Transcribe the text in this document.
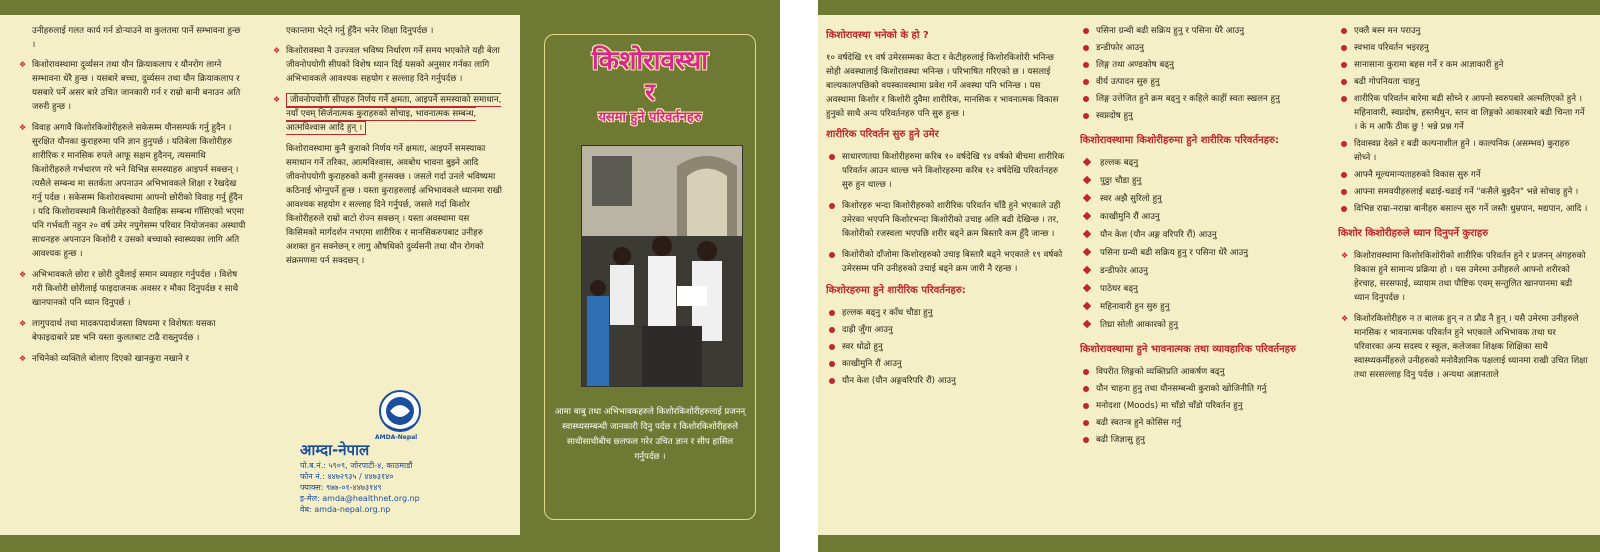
उनीहरुलाई गलत कार्य गर्न डोऱ्याउने वा कुलतमा पार्ने सम्भावना हुन्छ ।

❖ किशोरावस्थामा दुर्व्यसन तथा यौन क्रियाकलाप र यौनरोग लाग्ने सम्भावना धेरै हुन्छ । यसबारे बच्चा, दुर्व्यसन तथा यौन क्रियाकलाप र यसबारे पर्ने असर बारे उचित जानकारी गर्न र राम्रो बानी बनाउन अति जरुरी हुन्छ ।
❖ विवाह अगावै किशोरकिशोरीहरुले सकेसम्म यौनसम्पर्क गर्नु हुदैन । सुरक्षित यौनका कुराहरुमा पनि ज्ञान हुनुपर्छ । यतिबेला किशोरीहरु शारीरिक र मानसिक रुपले आफू सक्षम हुदैनन्, त्यसमाथि किशोरीहरुले गर्भधारण गरे भने विभिन्न समस्याहरु आइपर्न सक्छन् । त्यसैले सम्बन्ध मा सतर्कता अपनाउन अभिभावकले शिक्षा र रेखदेख गर्नु पर्दछ । सकेसम्म किशोरावस्थामा आफ्नो छोरीको विवाह गर्नु हुँदैन । यदि किशोरावस्थामै किशोरीहरुको वैवाहिक सम्बन्ध गाँसिएको भएमा पनि गर्भवती नहुन २० वर्ष उमेर नपुगेसम्म परिवार नियोजनका अस्थायी साधनहरु अपनाउन किशोरी र उसको बच्चाको स्वास्थ्यका लागि अति आवश्यक हुन्छ ।
❖ अभिभावकले छोरा र छोरी दुवैलाई समान व्यवहार गर्नुपर्दछ । विशेष गरी किशोरी छोरीलाई फाइदाजनक अवसर र मौका दिनुपर्दछ र साथै खानपानको पनि ध्यान दिनुपर्छ ।
❖ लागुपदार्थ तथा मादकपदार्थजस्ता विषयमा र विशेषतः यसका बेफाइदाबारे प्रष्ट भनि यस्ता कुलतबाट टाढै राख्नुपर्दछ ।
❖ नचिनेको व्यक्तिले बोलाए दिएको खानकुरा नखाने र

एकान्तमा भेट्ने गर्नु हुँदैन भनेर शिक्षा दिनुपर्दछ ।

❖ किशोरावस्था नै उज्ज्वल भविष्य निर्धारण गर्ने समय भएकोले यही बेला जीवनोपयोगी सीपको विशेष ध्यान दिई यसको अनुसार गर्नका लागि अभिभावकले आवश्यक सहयोग र सल्लाह दिने गर्नुपर्दछ ।
❖ जीवनोपयोगी सीपहरु निर्णय गर्ने क्षमता, आइपर्ने समस्याको समाधान, नयाँ एवम् सिर्जनात्मक कुराहरुको सोचाइ, भावनात्मक सम्बन्ध, आत्मविश्वास आदि हुन् ।

किशोरावस्थामा कुनै कुराको निर्णय गर्ने क्षमता, आइपर्ने समस्याका समाधान गर्ने तरिका, आत्मविश्वास, अवबोध भावना बुझ्ने आदि जीवनोपयोगी कुराहरुको कमी हुनसक्छ । जसले गर्दा उनले भविष्यमा कठिनाई भोग्नुपर्ने हुन्छ । यस्ता कुराहरुलाई अभिभावकले ध्यानमा राखी आवश्यक सहयोग र सल्लाह दिने गर्नुपर्छ, जसले गर्दा किशोर किशोरीहरुले राम्रो बाटो रोज्न सक्छन् । यस्ता अवस्थामा यस किसिमको मार्गदर्शन नभएमा शारीरिक र मानसिकरुपबाट उनीहरु अशक्त हुन सक्नेछन् र लागु औषधिको दुर्व्यसनी तथा यौन रोगको संक्रमणमा पर्न सक्दछन् ।

AMDA-Nepal
आम्दा-नेपाल
पो.ब.नं.: ५९०९, जोरपाटी-४, काठमाडौं
फोन नं.: ४४७२९३५ / ४४७३१४०
फ्याक्स: ९७७-०१-४४७३१४९
इ-मेल: amda@healthnet.org.np
वेब: amda-nepal.org.np
किशोरावस्था
र
यसमा हुने परिवर्तनहरु
आमा बाबु तथा अभिभावकहरुले किशोरकिशोरीहरुलाई प्रजनन् स्वास्थ्यसम्बन्धी जानकारी दिनु पर्दछ र किशोरकिशोरीहरुले साथीसाथीबीच छलफल गरेर उचित ज्ञान र सीप हासिल गर्नुपर्दछ ।
किशोरावस्था भनेको के हो ?

१० वर्षदेखि १९ वर्ष उमेरसम्मका केटा र केटीहरुलाई किशोरकिशोरी भनिन्छ सोही अवस्थालाई किशोरावस्था भनिन्छ । परिभाषित गरिएको छ । यसलाई बाल्यकालपछिको वयस्कावस्थामा प्रवेश गर्ने अवस्था पनि भनिन्छ । यस अवस्थामा किशोर र किशोरी दुवैमा शारीरिक, मानसिक र भावनात्मक विकास हुनुको साथै अन्य परिवर्तनहरु पनि सुरु हुन्छ ।

शारीरिक परिवर्तन सुरु हुने उमेर
साधारणतया किशोरीहरुमा करिब १० वर्षदेखि १४ वर्षको बीचमा शारीरिक परिवर्तन आउन थाल्छ भने किशोरहरुमा करिब १२ वर्षदेखि परिवर्तनहरु सुरु हुन थाल्छ ।
किशोरहरु भन्दा किशोरीहरुको शारीरिक परिवर्तन चाँडै हुने भएकाले उही उमेरका भएपनि किशोरभन्दा किशोरीको उचाइ अलि बढी देखिन्छ । तर, किशोरीको रजस्वला भएपछि शरीर बढ्ने क्रम बिस्तारै कम हुँदै जान्छ ।
किशोरीको दाँजोमा किशोरहरुको उचाइ बिस्तारै बढ्ने भएकाले १९ वर्षको उमेरसम्म पनि उनीहरुको उचाई बढ्ने क्रम जारी नै रहन्छ ।
किशोरहरुमा हुने शारीरिक परिवर्तनहरु:
हल्लक बढ्नु र काँध चौडा हुनु
दाह्री जुँगा आउनु
स्वर धोद्रो हुनु
काखीमुनि रौं आउनु
यौन केश (यौन अङ्गवरिपरि रौं) आउनु
पसिना ग्रन्थी बढी सक्रिय हुनु र पसिना धेरै आउनु
डन्डीफोर आउनु
लिङ्ग तथा अण्डकोष बढ्नु
वीर्य उत्पादन सुरु हुनु
लिङ्ग उत्तेजित हुने क्रम बढ्नु र कहिले काहीं स्वतः स्खलन हुनु
स्वप्नदोष हुनु
किशोरावस्थामा किशोरीहरुमा हुने शारीरिक परिवर्तनहरु:
हल्लक बढ्नु
पुठ्ठा चौडा हुनु
स्वर अझै सुरिलो हुनु
काखीमुनि रौं आउनु
यौन केश (यौन अङ्ग वरिपरि रौं) आउनु
पसिना ग्रन्थी बढी सक्रिय हुनु र पसिना धेरै आउनु
डन्डीफोर आउनु
पाठेघर बढ्नु
महिनावारी हुन सुरु हुनु
तिघ्रा सोली आकारको हुनु
किशोरावस्थामा हुने भावनात्मक तथा व्यावहारिक परिवर्तनहरु
विपरीत लिङ्गको व्यक्तिप्रति आकर्षण बढ्नु
यौन चाहना हुनु तथा यौनसम्बन्धी कुराको खोजिनीति गर्नु
मनोदशा (Moods) मा चाँडो चाँडो परिवर्तन हुनु
बढी स्वतन्त्र हुने कोसिस गर्नु
बढी जिज्ञासु हुनु
एक्लै बस्न मन पराउनु
स्वभाव परिवर्तन भइरहनु
सानासाना कुरामा बहस गर्ने र कम आज्ञाकारी हुने
बढी गोपनियता चाहनु
शारीरिक परिवर्तन बारेमा बढी सोच्ने र आफ्नो स्वरुपबारे अल्मलिएको हुने । महिनावारी, स्वप्नदोष, हस्तमैथुन, स्तन वा लिङ्गको आकारबारे बढी चिन्ता गर्ने । के म आफैं ठीक छु ! भन्ने प्रश्न गर्ने
दिवास्वप्न देख्ने र बढी कल्पनाशील हुने । काल्पनिक (असम्भव) कुराहरु सोच्ने ।
आफ्नै मूल्यमान्यताहरुको विकास सुरु गर्ने
आफ्ना समवयीहरुलाई बढाई-चढाई गर्ने "कसैले बुझ्दैन" भन्ने सोचाइ हुने ।
विभिन्न राम्रा-नराम्रा बानीहरु बसाल्न सुरु गर्ने जस्तैः धुम्रपान, मद्यपान, आदि ।
किशोर किशोरीहरुले ध्यान दिनुपर्ने कुराहरु
❖ किशोरावस्थामा किशोरकिशोरीको शारीरिक परिवर्तन हुने र प्रजनन् अंगहरुको विकास हुने सामान्य प्रक्रिया हो । यस उमेरमा उनीहरुले आफ्नो शरीरको हेरचाह, सरसफाई, व्यायाम तथा पौष्टिक एवम् सन्तुलित खानपानमा बढी ध्यान दिनुपर्दछ ।
❖ किशोरकिशोरीहरु न त बालक हुन् न त प्रौढ नै हुन् । यसै उमेरमा उनीहरुले मानसिक र भावनात्मक परिवर्तन हुने भएकाले अभिभावक तथा घर परिवारका अन्य सदस्य र स्कूल, कलेजका शिक्षक शिक्षिका साथै स्वास्थ्यकर्मीहरुले उनीहरुको मनोवैज्ञानिक पक्षलाई ध्यानमा राखी उचित शिक्षा तथा सरसल्लाह दिनु पर्दछ । अन्यथा अज्ञानताले
